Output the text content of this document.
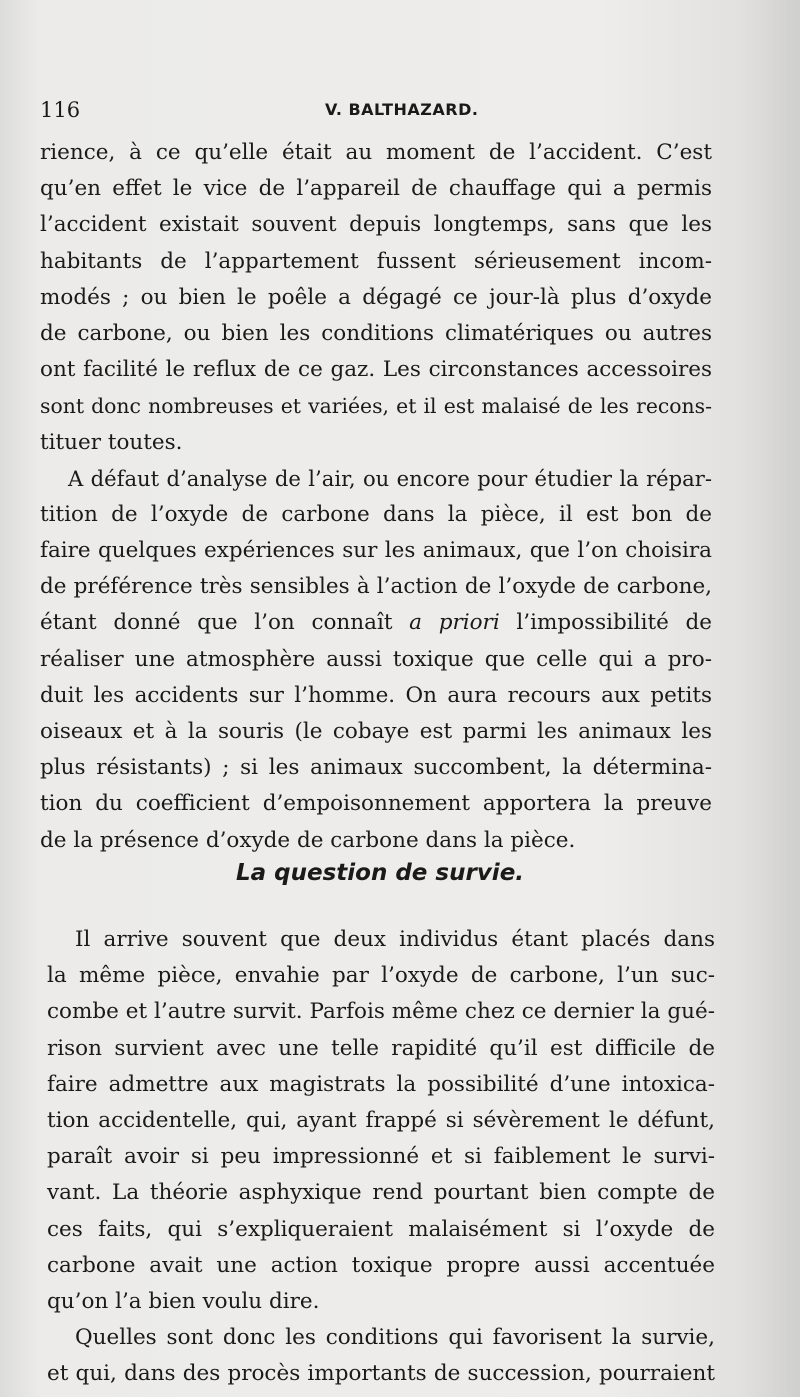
116	V. BALTHAZARD.
rience, à ce qu’elle était au moment de l’accident. C’est
qu’en effet le vice de l’appareil de chauffage qui a permis
l’accident existait souvent depuis longtemps, sans que les
habitants de l’appartement fussent sérieusement incom-
modés ; ou bien le poêle a dégagé ce jour-là plus d’oxyde
de carbone, ou bien les conditions climatériques ou autres
ont facilité le reflux de ce gaz. Les circonstances accessoires
sont donc nombreuses et variées, et il est malaisé de les recons-
tituer toutes.
A défaut d’analyse de l’air, ou encore pour étudier la répar-
tition de l’oxyde de carbone dans la pièce, il est bon de
faire quelques expériences sur les animaux, que l’on choisira
de préférence très sensibles à l’action de l’oxyde de carbone,
étant donné que l’on connaît a priori l’impossibilité de
réaliser une atmosphère aussi toxique que celle qui a pro-
duit les accidents sur l’homme. On aura recours aux petits
oiseaux et à la souris (le cobaye est parmi les animaux les
plus résistants) ; si les animaux succombent, la détermina-
tion du coefficient d’empoisonnement apportera la preuve
de la présence d’oxyde de carbone dans la pièce.
La question de survie.
Il arrive souvent que deux individus étant placés dans
la même pièce, envahie par l’oxyde de carbone, l’un suc-
combe et l’autre survit. Parfois même chez ce dernier la gué-
rison survient avec une telle rapidité qu’il est difficile de
faire admettre aux magistrats la possibilité d’une intoxica-
tion accidentelle, qui, ayant frappé si sévèrement le défunt,
paraît avoir si peu impressionné et si faiblement le survi-
vant. La théorie asphyxique rend pourtant bien compte de
ces faits, qui s’expliqueraient malaisément si l’oxyde de
carbone avait une action toxique propre aussi accentuée
qu’on l’a bien voulu dire.
Quelles sont donc les conditions qui favorisent la survie,
et qui, dans des procès importants de succession, pourraient
